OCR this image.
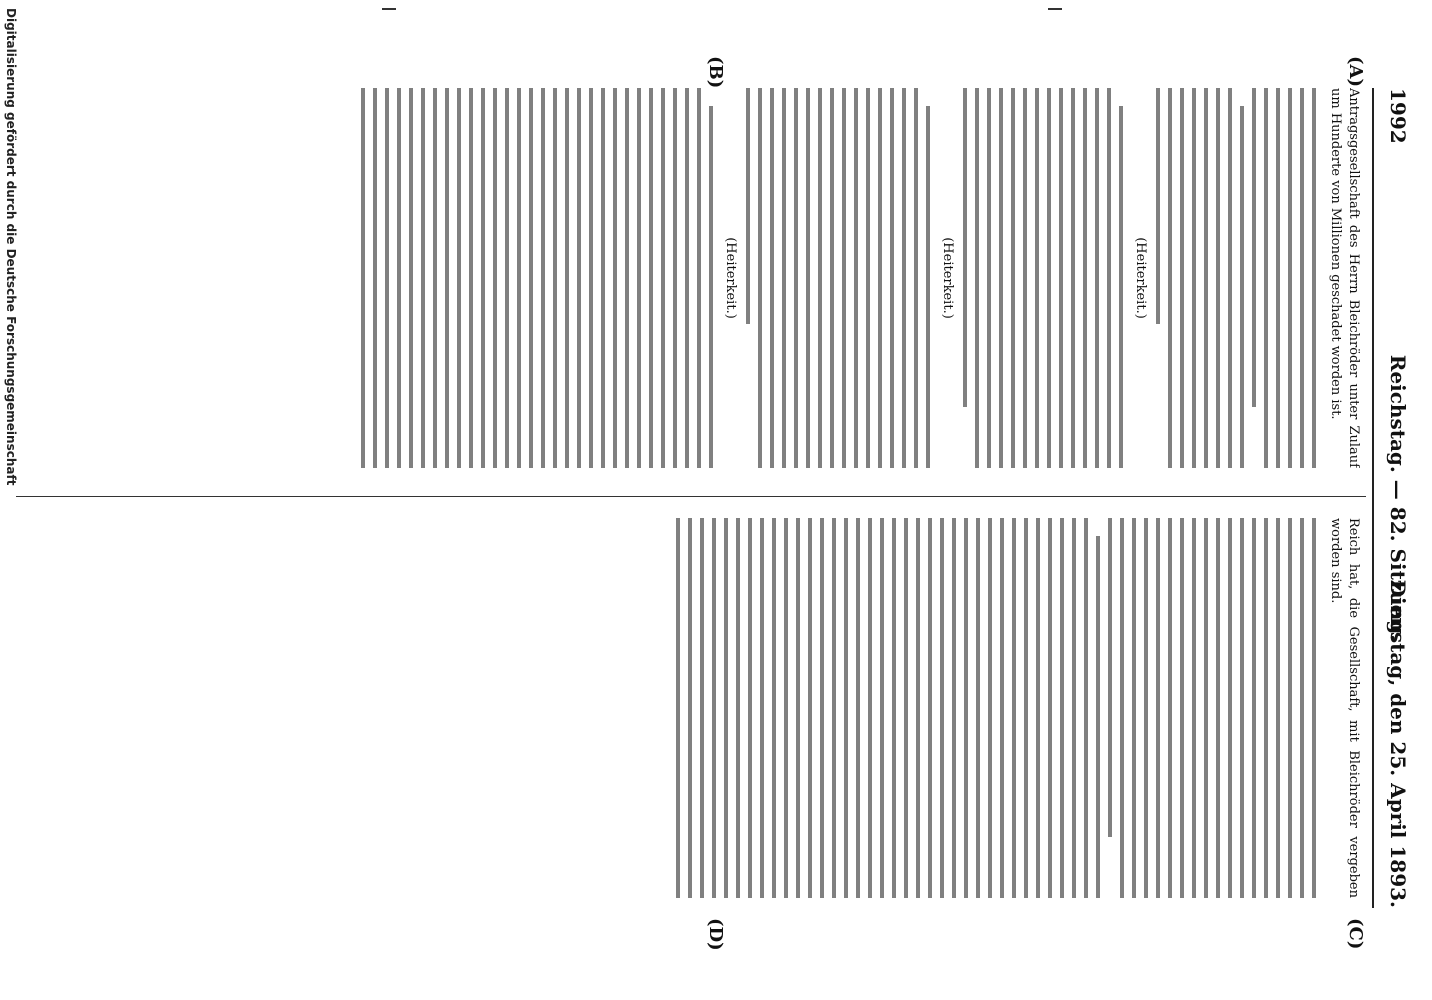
1992
Reichstag. — 82. Sitzung.
Dienstag, den 25. April 1893.
(A)
(B)
(C)
(D)

Antragsgesellschaft des Herrn Bleichröder unter Zulauf um Hunderte von Millionen geschadet worden ist.

(Heiterkeit.)

(Heiterkeit.)

(Heiterkeit.)

Reich hat, die Gesellschaft, mit Bleichröder vergeben worden sind.

Digitalisierung gefördert durch die Deutsche Forschungsgemeinschaft
